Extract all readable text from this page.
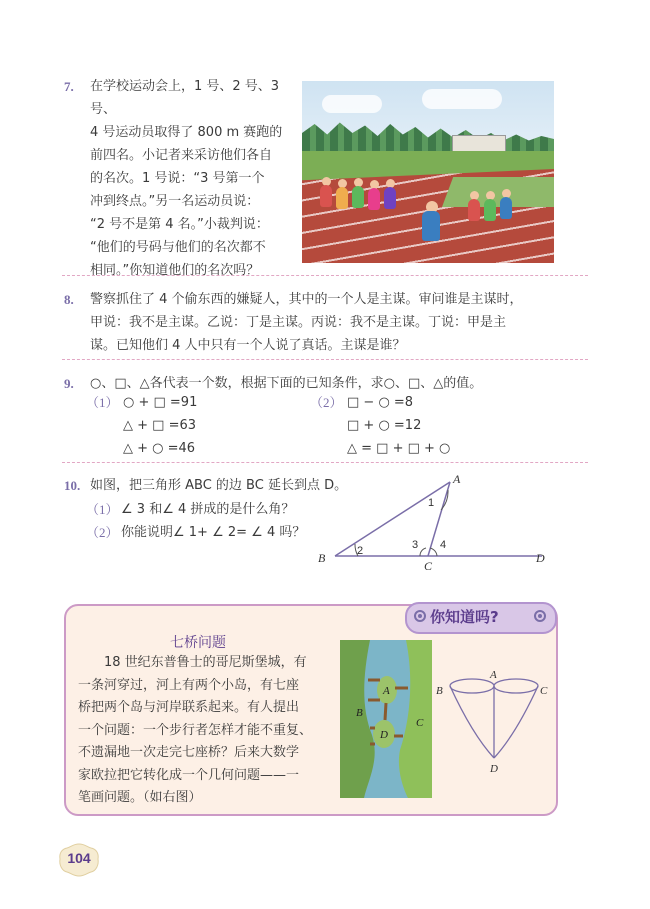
7. 在学校运动会上，1 号、2 号、3 号、
4 号运动员取得了 800 m 赛跑的
前四名。小记者来采访他们各自
的名次。1 号说：“3 号第一个
冲到终点。”另一名运动员说：
“2 号不是第 4 名。”小裁判说：
“他们的号码与他们的名次都不
相同。”你知道他们的名次吗？
8. 警察抓住了 4 个偷东西的嫌疑人，其中的一个人是主谋。审问谁是主谋时，
甲说：我不是主谋。乙说：丁是主谋。丙说：我不是主谋。丁说：甲是主
谋。已知他们 4 人中只有一个人说了真话。主谋是谁？
9. ○、□、△各代表一个数，根据下面的已知条件，求○、□、△的值。
（1） ○ + □ =91
△ + □ =63
△ + ○ =46
（2） □ − ○ =8
□ + ○ =12
△ = □ + □ + ○
10. 如图，把三角形 ABC 的边 BC 延长到点 D。
（1） ∠ 3 和∠ 4 拼成的是什么角？
（2） 你能说明∠ 1+ ∠ 2= ∠ 4 吗？
A
B
C
D
1
2	3 4
你知道吗?
七桥问题
18 世纪东普鲁士的哥尼斯堡城，有
一条河穿过，河上有两个小岛，有七座
桥把两个岛与河岸联系起来。有人提出
一个问题：一个步行者怎样才能不重复、
不遗漏地一次走完七座桥？后来大数学
家欧拉把它转化成一个几何问题——一
笔画问题。（如右图）
A
D
B
C
A
B	C
D
104
